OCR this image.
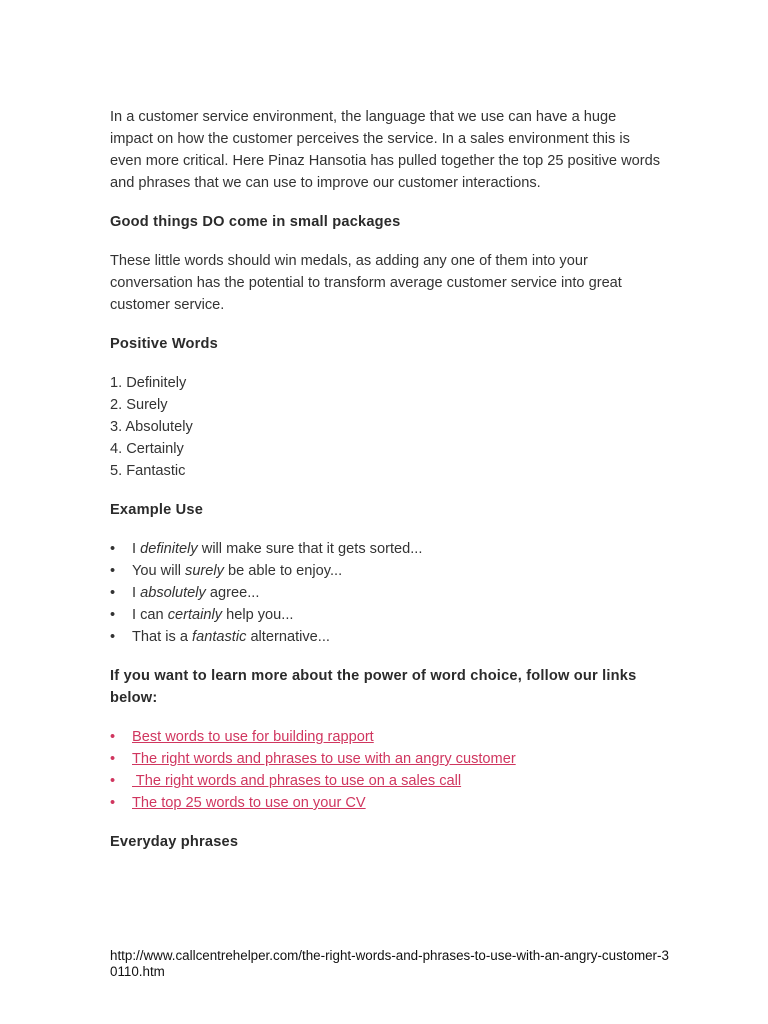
In a customer service environment, the language that we use can have a huge impact on how the customer perceives the service. In a sales environment this is even more critical. Here Pinaz Hansotia has pulled together the top 25 positive words and phrases that we can use to improve our customer interactions.

Good things DO come in small packages

These little words should win medals, as adding any one of them into your conversation has the potential to transform average customer service into great customer service.

Positive Words

1. Definitely
2. Surely
3. Absolutely
4. Certainly
5. Fantastic

Example Use

• I definitely will make sure that it gets sorted...
• You will surely be able to enjoy...
• I absolutely agree...
• I can certainly help you...
• That is a fantastic alternative...

If you want to learn more about the power of word choice, follow our links below:

• Best words to use for building rapport
• The right words and phrases to use with an angry customer
• The right words and phrases to use on a sales call
• The top 25 words to use on your CV

Everyday phrases

http://www.callcentrehelper.com/the-right-words-and-phrases-to-use-with-an-angry-customer-30110.htm
